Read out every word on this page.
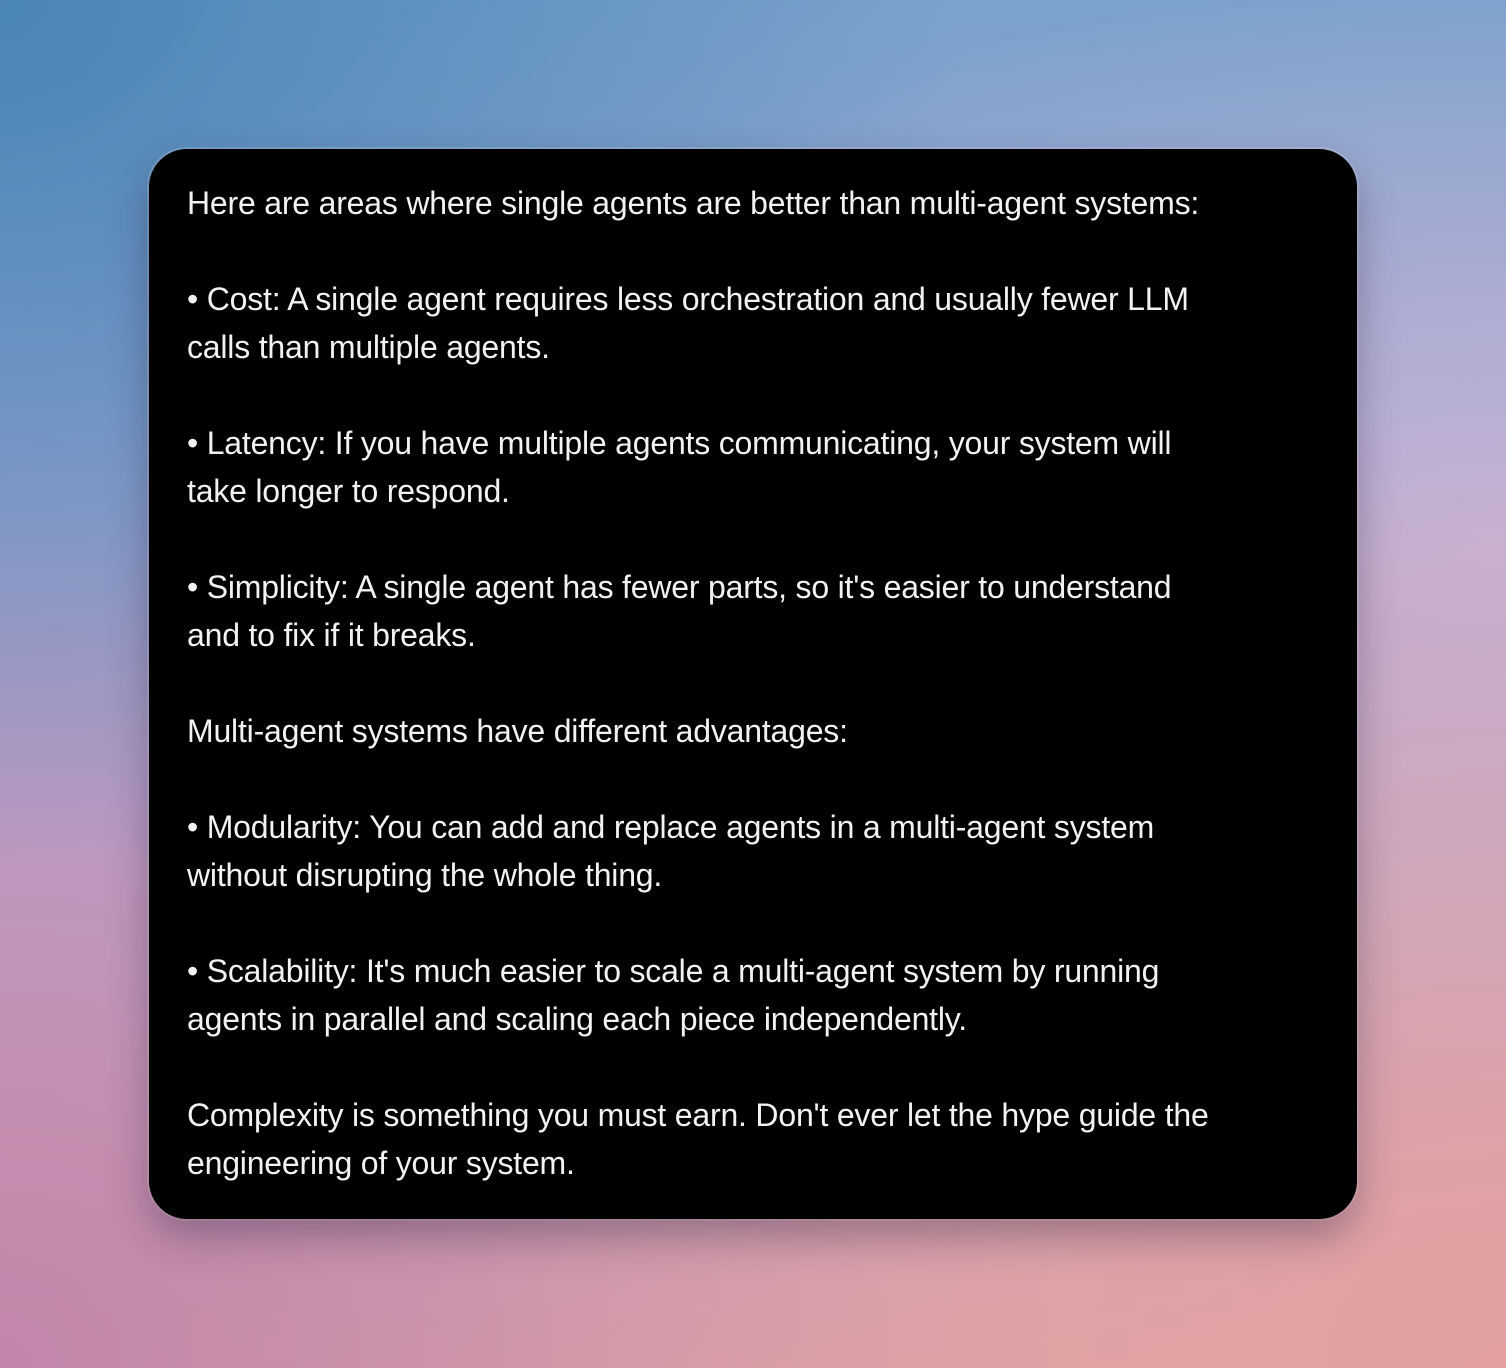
Here are areas where single agents are better than multi-agent systems:

• Cost: A single agent requires less orchestration and usually fewer LLM
calls than multiple agents.

• Latency: If you have multiple agents communicating, your system will
take longer to respond.

• Simplicity: A single agent has fewer parts, so it's easier to understand
and to fix if it breaks.

Multi-agent systems have different advantages:

• Modularity: You can add and replace agents in a multi-agent system
without disrupting the whole thing.

• Scalability: It's much easier to scale a multi-agent system by running
agents in parallel and scaling each piece independently.

Complexity is something you must earn. Don't ever let the hype guide the
engineering of your system.
